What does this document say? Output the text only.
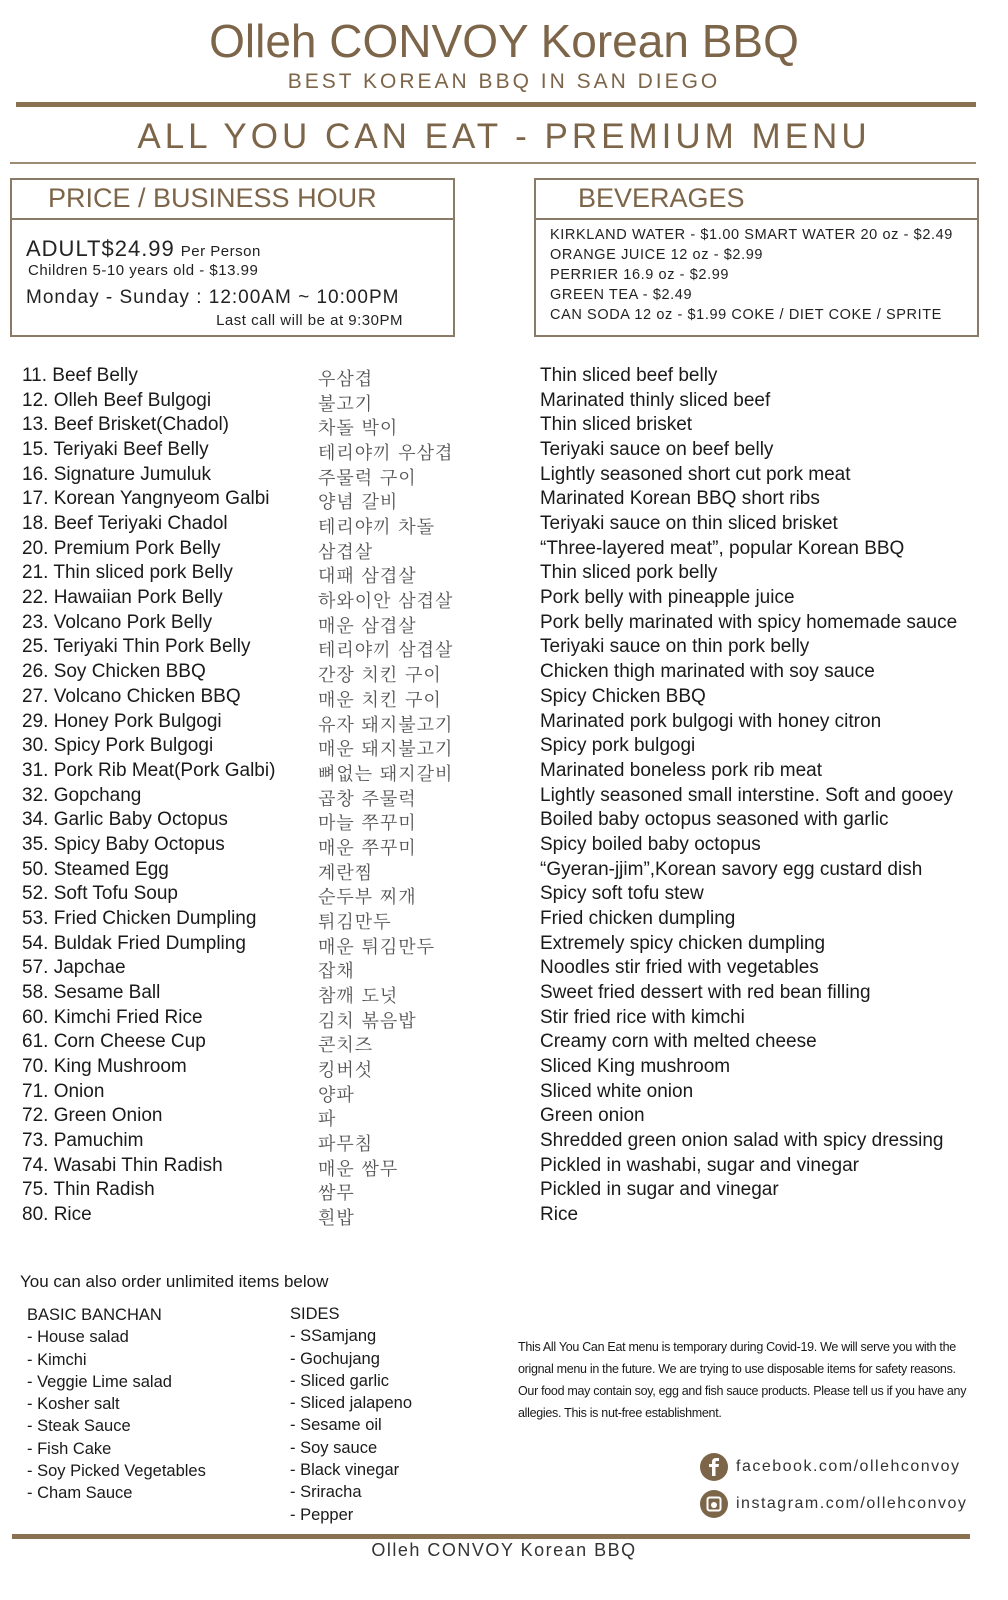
Olleh CONVOY Korean BBQ
BEST KOREAN BBQ IN SAN DIEGO
ALL YOU CAN EAT - PREMIUM MENU
PRICE / BUSINESS HOUR
ADULT$24.99 Per Person
Children 5-10 years old - $13.99
Monday - Sunday : 12:00AM ~ 10:00PM
Last call will be at 9:30PM
BEVERAGES
KIRKLAND WATER - $1.00 SMART WATER 20 oz - $2.49
ORANGE JUICE 12 oz - $2.99
PERRIER 16.9 oz - $2.99
GREEN TEA - $2.49
CAN SODA 12 oz - $1.99 COKE / DIET COKE / SPRITE
11. Beef Belly	우삼겹	Thin sliced beef belly
12. Olleh Beef Bulgogi	불고기	Marinated thinly sliced beef
13. Beef Brisket(Chadol)	차돌 박이	Thin sliced brisket
15. Teriyaki Beef Belly	테리야끼 우삼겹	Teriyaki sauce on beef belly
16. Signature Jumuluk	주물럭 구이	Lightly seasoned short cut pork meat
17. Korean Yangnyeom Galbi	양념 갈비	Marinated Korean BBQ short ribs
18. Beef Teriyaki Chadol	테리야끼 차돌	Teriyaki sauce on thin sliced brisket
20. Premium Pork Belly	삼겹살	“Three-layered meat”, popular Korean BBQ
21. Thin sliced pork Belly	대패 삼겹살	Thin sliced pork belly
22. Hawaiian Pork Belly	하와이안 삼겹살	Pork belly with pineapple juice
23. Volcano Pork Belly	매운 삼겹살	Pork belly marinated with spicy homemade sauce
25. Teriyaki Thin Pork Belly	테리야끼 삼겹살	Teriyaki sauce on thin pork belly
26. Soy Chicken BBQ	간장 치킨 구이	Chicken thigh marinated with soy sauce
27. Volcano Chicken BBQ	매운 치킨 구이	Spicy Chicken BBQ
29. Honey Pork Bulgogi	유자 돼지불고기	Marinated pork bulgogi with honey citron
30. Spicy Pork Bulgogi	매운 돼지불고기	Spicy pork bulgogi
31. Pork Rib Meat(Pork Galbi) 뼈없는 돼지갈비	Marinated boneless pork rib meat
32. Gopchang	곱창 주물럭	Lightly seasoned small interstine. Soft and gooey
34. Garlic Baby Octopus	마늘 쭈꾸미	Boiled baby octopus seasoned with garlic
35. Spicy Baby Octopus	매운 쭈꾸미	Spicy boiled baby octopus
50. Steamed Egg	계란찜	“Gyeran-jjim”,Korean savory egg custard dish
52. Soft Tofu Soup	순두부 찌개	Spicy soft tofu stew
53. Fried Chicken Dumpling	튀김만두	Fried chicken dumpling
54. Buldak Fried Dumpling	매운 튀김만두	Extremely spicy chicken dumpling
57. Japchae	잡채	Noodles stir fried with vegetables
58. Sesame Ball	참깨 도넛	Sweet fried dessert with red bean filling
60. Kimchi Fried Rice	김치 볶음밥	Stir fried rice with kimchi
61. Corn Cheese Cup	콘치즈	Creamy corn with melted cheese
70. King Mushroom	킹버섯	Sliced King mushroom
71. Onion	양파	Sliced white onion
72. Green Onion	파	Green onion
73. Pamuchim	파무침	Shredded green onion salad with spicy dressing
74. Wasabi Thin Radish	매운 쌈무	Pickled in washabi, sugar and vinegar
75. Thin Radish	쌈무	Pickled in sugar and vinegar
80. Rice	흰밥	Rice
You can also order unlimited items below
BASIC BANCHAN
- House salad
- Kimchi
- Veggie Lime salad
- Kosher salt
- Steak Sauce
- Fish Cake
- Soy Picked Vegetables
- Cham Sauce
SIDES
- SSamjang
- Gochujang
- Sliced garlic
- Sliced jalapeno
- Sesame oil
- Soy sauce
- Black vinegar
- Sriracha
- Pepper
This All You Can Eat menu is temporary during Covid-19. We will serve you with the orignal menu in the future. We are trying to use disposable items for safety reasons. Our food may contain soy, egg and fish sauce products. Please tell us if you have any allegies. This is nut-free establishment.
facebook.com/ollehconvoy
instagram.com/ollehconvoy
Olleh CONVOY Korean BBQ
